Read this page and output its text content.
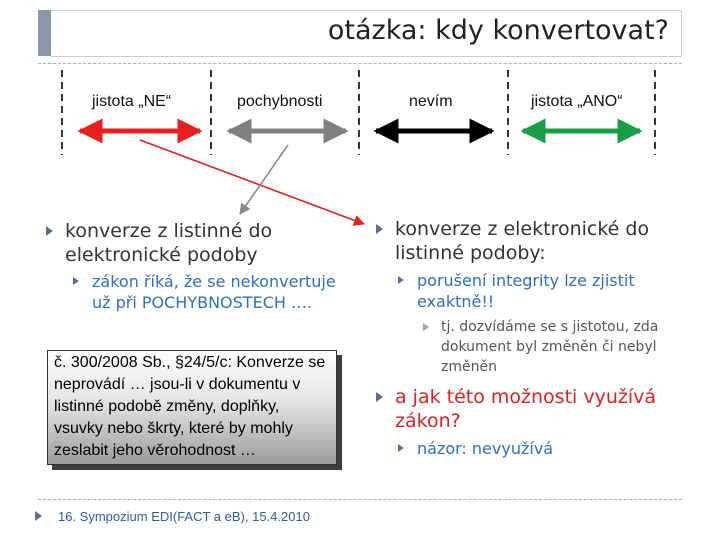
otázka: kdy konvertovat?
jistota „NE“	pochybnosti	nevím	jistota „ANO“
konverze z listinné do elektronické podoby
zákon říká, že se nekonvertuje už při POCHYBNOSTECH ….
č. 300/2008 Sb., §24/5/c: Konverze se neprovádí … jsou-li v dokumentu v listinné podobě změny, doplňky, vsuvky nebo škrty, které by mohly zeslabit jeho věrohodnost …
konverze z elektronické do listinné podoby:
porušení integrity lze zjistit exaktně!!
tj. dozvídáme se s jistotou, zda dokument byl změněn či nebyl změněn
a jak této možnosti využívá zákon?
názor: nevyužívá
16. Sympozium EDI(FACT a eB), 15.4.2010
